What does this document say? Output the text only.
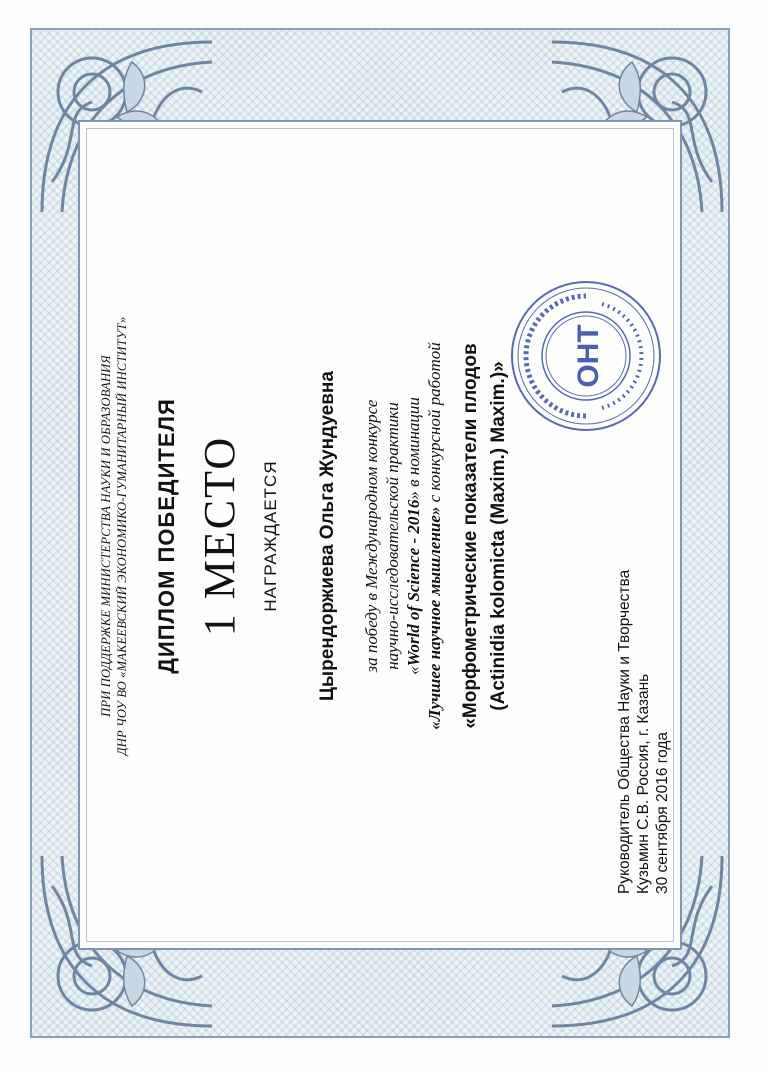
ПРИ ПОДДЕРЖКЕ МИНИСТЕРСТВА НАУКИ И ОБРАЗОВАНИЯ ДНР ЧОУ ВО «МАКЕЕВСКИЙ ЭКОНОМИКО-ГУМАНИТАРНЫЙ ИНСТИТУТ» ДИПЛОМ ПОБЕДИТЕЛЯ 1 МЕСТО НАГРАЖДАЕТСЯ Цырендоржиева Ольга Жундуевна за победу в Международном конкурсе научно-исследовательской практики
«World of Science - 2016» в номинации
«Лучшее научное мышление» с конкурсной работой «Морфометрические показатели плодов (Actinidia kolomicta (Maxim.) Maxim.)»
Руководитель Общества Науки и Творчества Кузьмин С.В. Россия, г. Казань 30 сентября 2016 года
ОНТ
